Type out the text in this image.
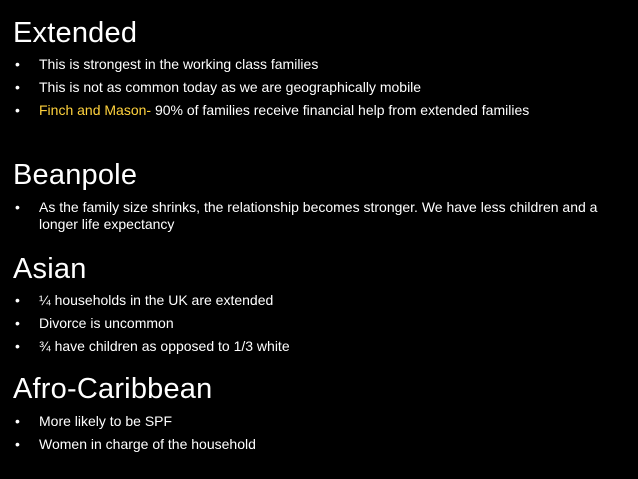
Extended
• This is strongest in the working class families
• This is not as common today as we are geographically mobile
• Finch and Mason- 90% of families receive financial help from extended families
Beanpole
• As the family size shrinks, the relationship becomes stronger. We have less children and a longer life expectancy
Asian
• ¼ households in the UK are extended
• Divorce is uncommon
• ¾ have children as opposed to 1/3 white
Afro-Caribbean
• More likely to be SPF
• Women in charge of the household
